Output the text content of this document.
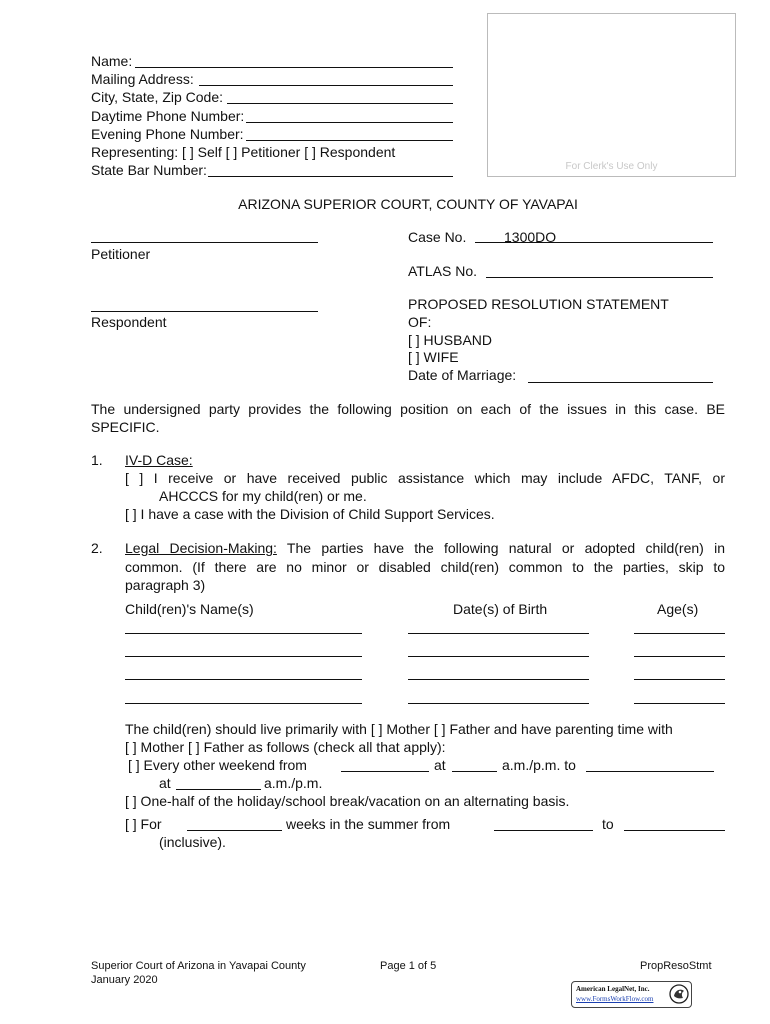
For Clerk's Use Only
Name:
Mailing Address:
City, State, Zip Code:
Daytime Phone Number:
Evening Phone Number:
Representing: [ ] Self [ ] Petitioner [ ] Respondent
State Bar Number:
ARIZONA SUPERIOR COURT, COUNTY OF YAVAPAI
Petitioner
Respondent
Case No.	1300DO
ATLAS No.
PROPOSED RESOLUTION STATEMENT
OF:
[ ] HUSBAND
[ ] WIFE
Date of Marriage:
The undersigned party provides the following position on each of the issues in this case. BE
SPECIFIC.
1. IV-D Case:
[ ] I receive or have received public assistance which may include AFDC, TANF, or
AHCCCS for my child(ren) or me.
[ ] I have a case with the Division of Child Support Services.
2. Legal Decision-Making: The parties have the following natural or adopted child(ren) in
common. (If there are no minor or disabled child(ren) common to the parties, skip to
paragraph 3)
Child(ren)'s Name(s)	Date(s) of Birth	Age(s)
The child(ren) should live primarily with [ ] Mother [ ] Father and have parenting time with
[ ] Mother [ ] Father as follows (check all that apply):
[ ] Every other weekend from	at	a.m./p.m. to
at	a.m./p.m.
[ ] One-half of the holiday/school break/vacation on an alternating basis.
[ ] For	weeks in the summer from	to
(inclusive).
Superior Court of Arizona in Yavapai County
January 2020
Page 1 of 5	PropResoStmt
American LegalNet, Inc.
www.FormsWorkFlow.com
